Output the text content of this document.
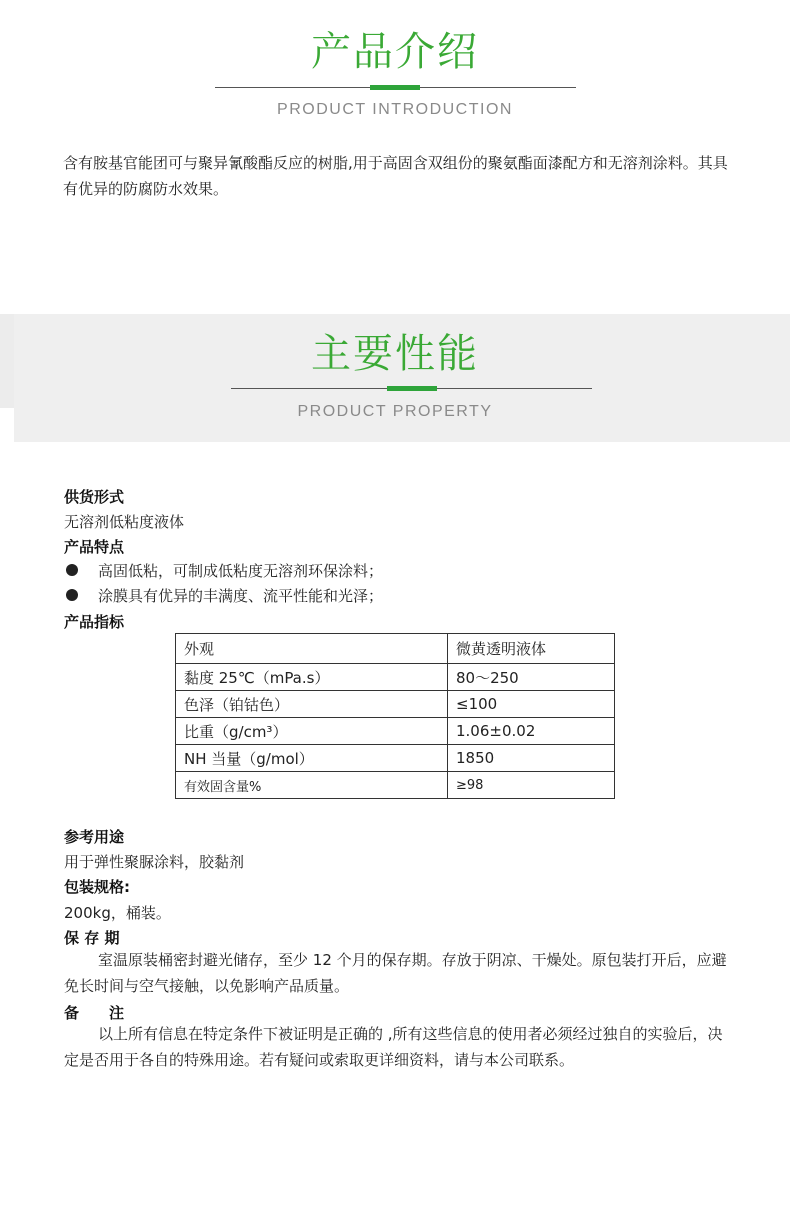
产品介绍
PRODUCT INTRODUCTION
含有胺基官能团可与聚异氰酸酯反应的树脂,用于高固含双组份的聚氨酯面漆配方和无溶剂涂料。其具有优异的防腐防水效果。
主要性能
PRODUCT PROPERTY
供货形式
无溶剂低粘度液体
产品特点
高固低粘，可制成低粘度无溶剂环保涂料；
涂膜具有优异的丰满度、流平性能和光泽；
产品指标
外观	微黄透明液体
黏度 25℃（mPa.s）	80～250
色泽（铂钴色）	≤100
比重（g/cm³）	1.06±0.02
NH 当量（g/mol）	1850
有效固含量%	≥98
参考用途
用于弹性聚脲涂料，胶黏剂
包装规格:
200kg，桶装。
保 存 期
室温原装桶密封避光储存，至少 12 个月的保存期。存放于阴凉、干燥处。原包装打开后，应避免长时间与空气接触，以免影响产品质量。
备　　注
以上所有信息在特定条件下被证明是正确的 ,所有这些信息的使用者必须经过独自的实验后，决定是否用于各自的特殊用途。若有疑问或索取更详细资料，请与本公司联系。
